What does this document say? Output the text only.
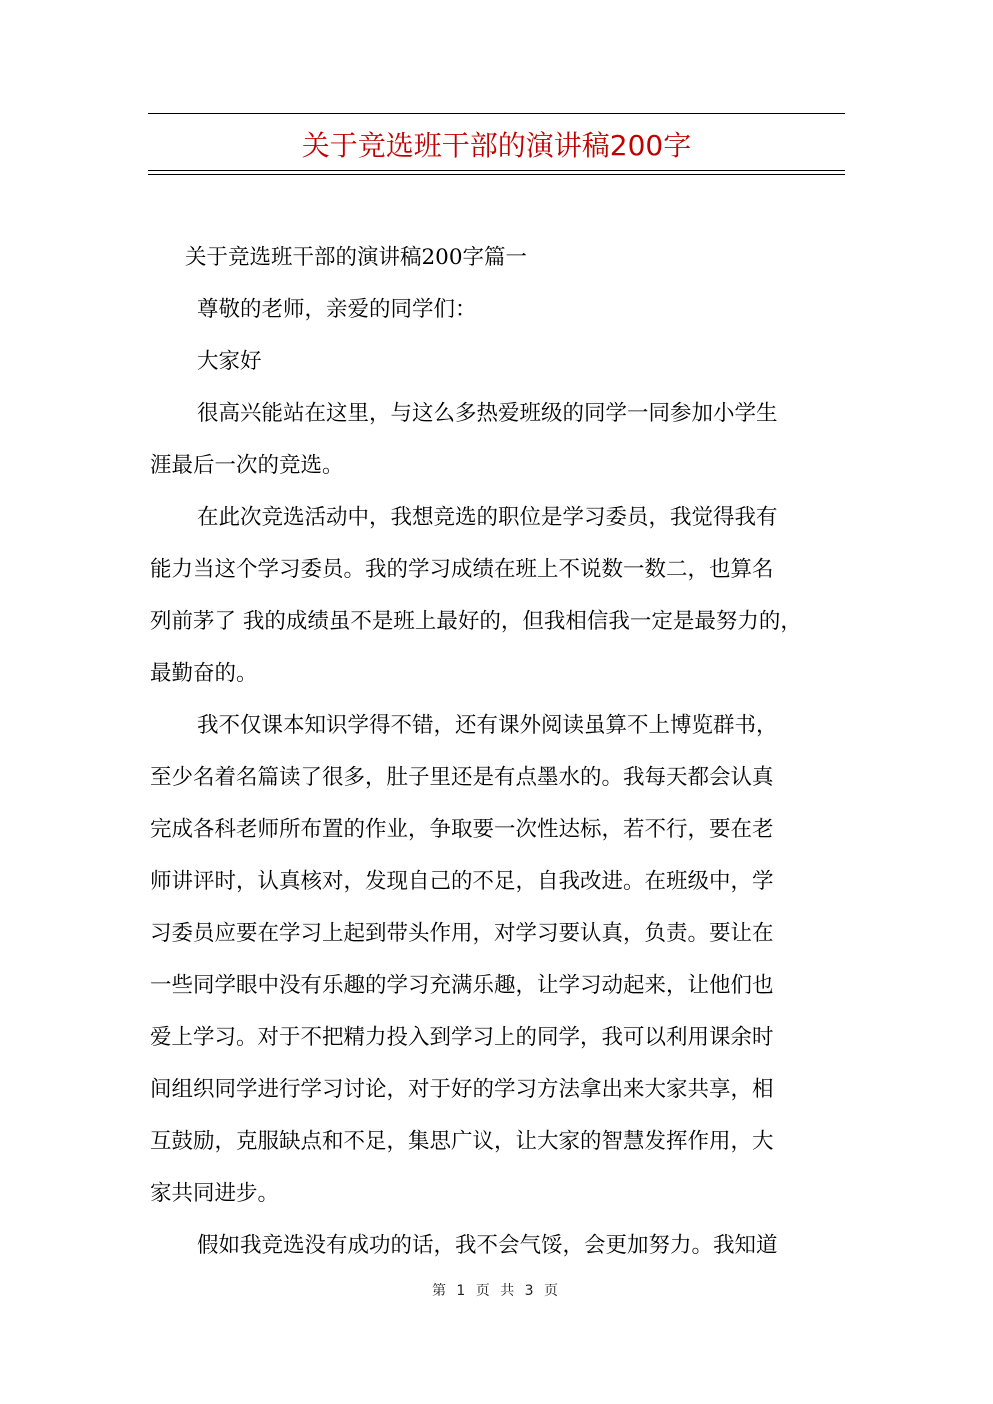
关于竞选班干部的演讲稿200字
关于竞选班干部的演讲稿200字篇一
尊敬的老师，亲爱的同学们：
大家好
很高兴能站在这里，与这么多热爱班级的同学一同参加小学生
涯最后一次的竞选。
在此次竞选活动中，我想竞选的职位是学习委员，我觉得我有
能力当这个学习委员。我的学习成绩在班上不说数一数二，也算名
列前茅了 我的成绩虽不是班上最好的，但我相信我一定是最努力的，
最勤奋的。
我不仅课本知识学得不错，还有课外阅读虽算不上博览群书，
至少名着名篇读了很多，肚子里还是有点墨水的。我每天都会认真
完成各科老师所布置的作业，争取要一次性达标，若不行，要在老
师讲评时，认真核对，发现自己的不足，自我改进。在班级中，学
习委员应要在学习上起到带头作用，对学习要认真，负责。要让在
一些同学眼中没有乐趣的学习充满乐趣，让学习动起来，让他们也
爱上学习。对于不把精力投入到学习上的同学，我可以利用课余时
间组织同学进行学习讨论，对于好的学习方法拿出来大家共享，相
互鼓励，克服缺点和不足，集思广议，让大家的智慧发挥作用，大
家共同进步。
假如我竞选没有成功的话，我不会气馁，会更加努力。我知道
第 1 页 共 3 页
